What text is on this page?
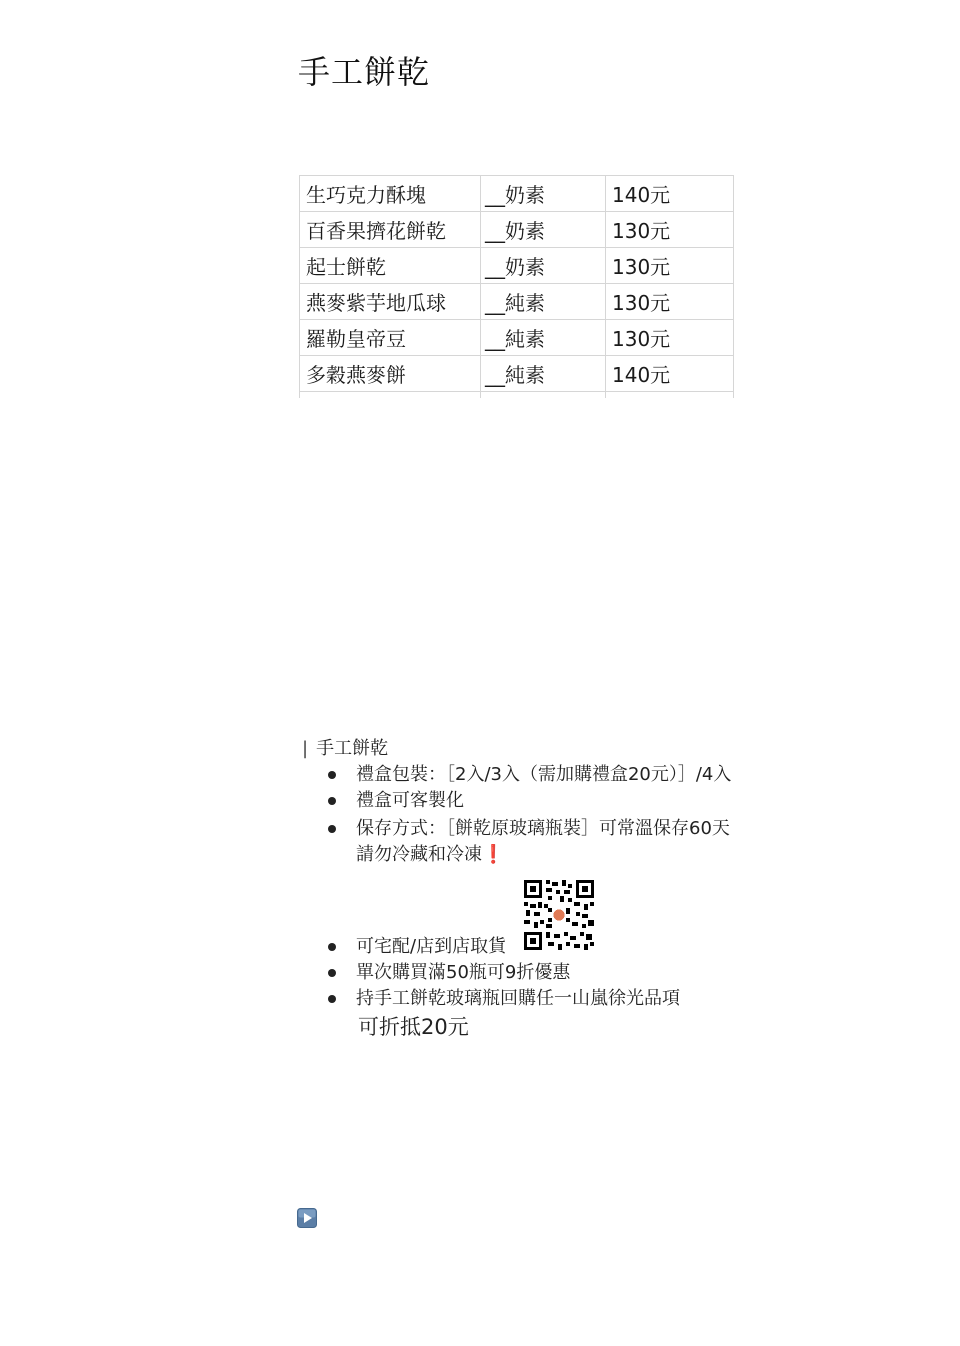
手工餅乾
生巧克力酥塊	__奶素	140元
百香果擠花餅乾	__奶素	130元
起士餅乾	__奶素	130元
燕麥紫芋地瓜球	__純素	130元
羅勒皇帝豆	__純素	130元
多穀燕麥餅	__純素	140元

| 手工餅乾
禮盒包裝：［2入/3入（需加購禮盒20元）］/4入
禮盒可客製化
保存方式：［餅乾原玻璃瓶裝］可常溫保存60天
請勿冷藏和冷凍❗
可宅配/店到店取貨
單次購買滿50瓶可9折優惠
持手工餅乾玻璃瓶回購任一山嵐徐光品項
可折抵20元
